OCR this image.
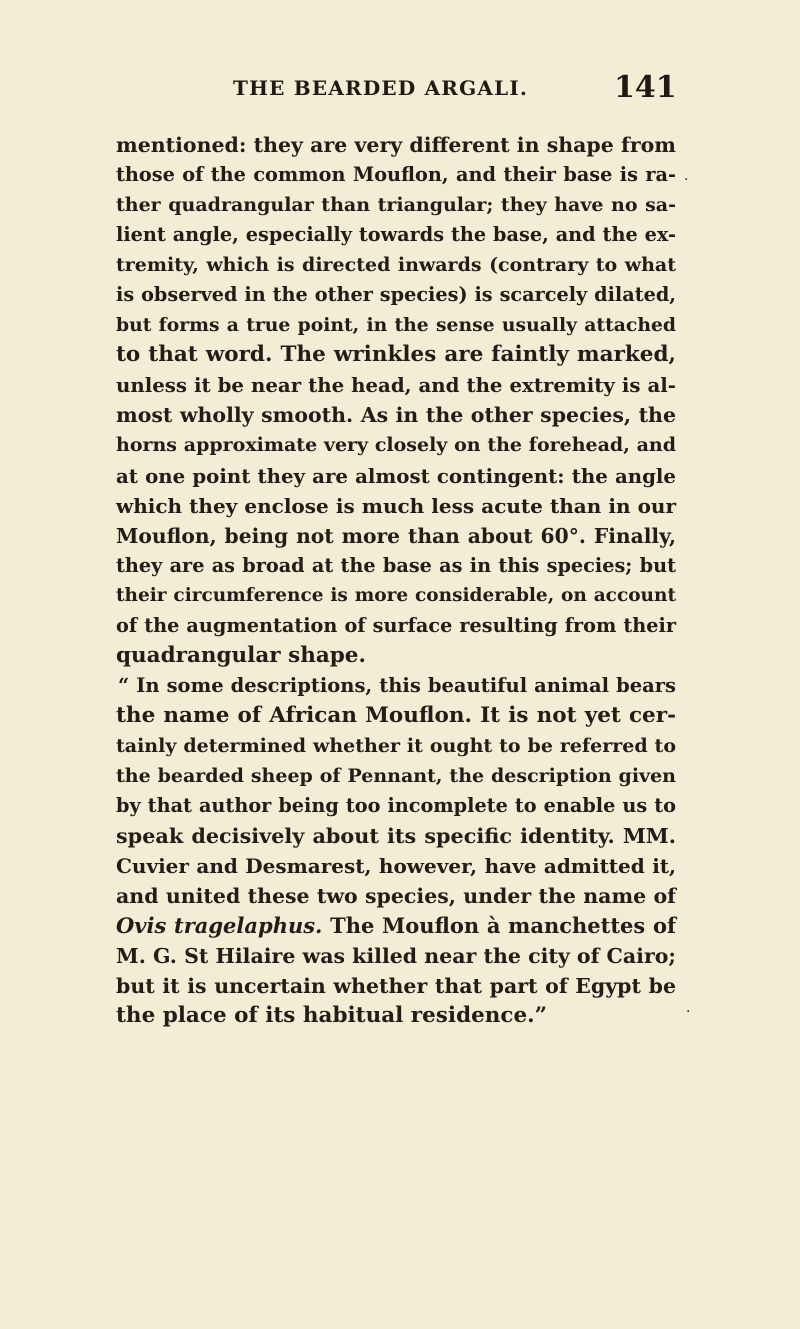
THE BEARDED ARGALI.	141
mentioned: they are very different in shape from
those of the common Mouflon, and their base is ra-
ther quadrangular than triangular; they have no sa-
lient angle, especially towards the base, and the ex-
tremity, which is directed inwards (contrary to what
is observed in the other species) is scarcely dilated,
but forms a true point, in the sense usually attached
to that word. The wrinkles are faintly marked,
unless it be near the head, and the extremity is al-
most wholly smooth. As in the other species, the
horns approximate very closely on the forehead, and
at one point they are almost contingent: the angle
which they enclose is much less acute than in our
Mouflon, being not more than about 60°. Finally,
they are as broad at the base as in this species; but
their circumference is more considerable, on account
of the augmentation of surface resulting from their
quadrangular shape.
“ In some descriptions, this beautiful animal bears
the name of African Mouflon. It is not yet cer-
tainly determined whether it ought to be referred to
the bearded sheep of Pennant, the description given
by that author being too incomplete to enable us to
speak decisively about its specific identity. MM.
Cuvier and Desmarest, however, have admitted it,
and united these two species, under the name of
Ovis tragelaphus. The Mouflon à manchettes of
M. G. St Hilaire was killed near the city of Cairo;
but it is uncertain whether that part of Egypt be
the place of its habitual residence.”
·
·
